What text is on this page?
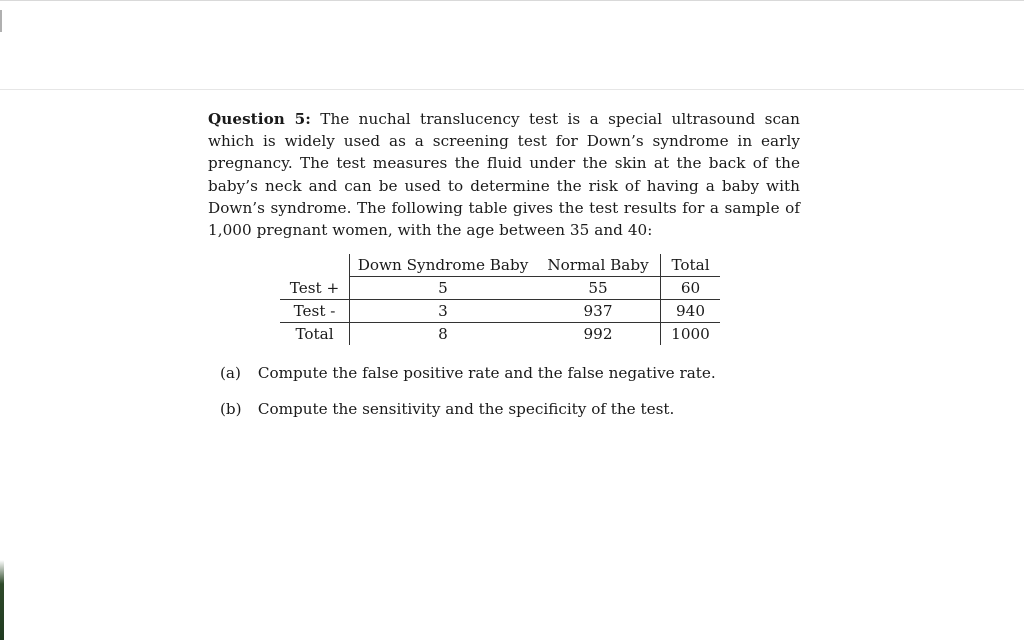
Question 5: The nuchal translucency test is a special ultrasound scan which is widely used as a screening test for Down’s syndrome in early pregnancy. The test measures the fluid under the skin at the back of the baby’s neck and can be used to determine the risk of having a baby with Down’s syndrome. The following table gives the test results for a sample of 1,000 pregnant women, with the age between 35 and 40:

	Down Syndrome Baby	Normal Baby	Total
Test +	5	55	60
Test -	3	937	940
Total	8	992	1000

(a) Compute the false positive rate and the false negative rate.

(b) Compute the sensitivity and the specificity of the test.
